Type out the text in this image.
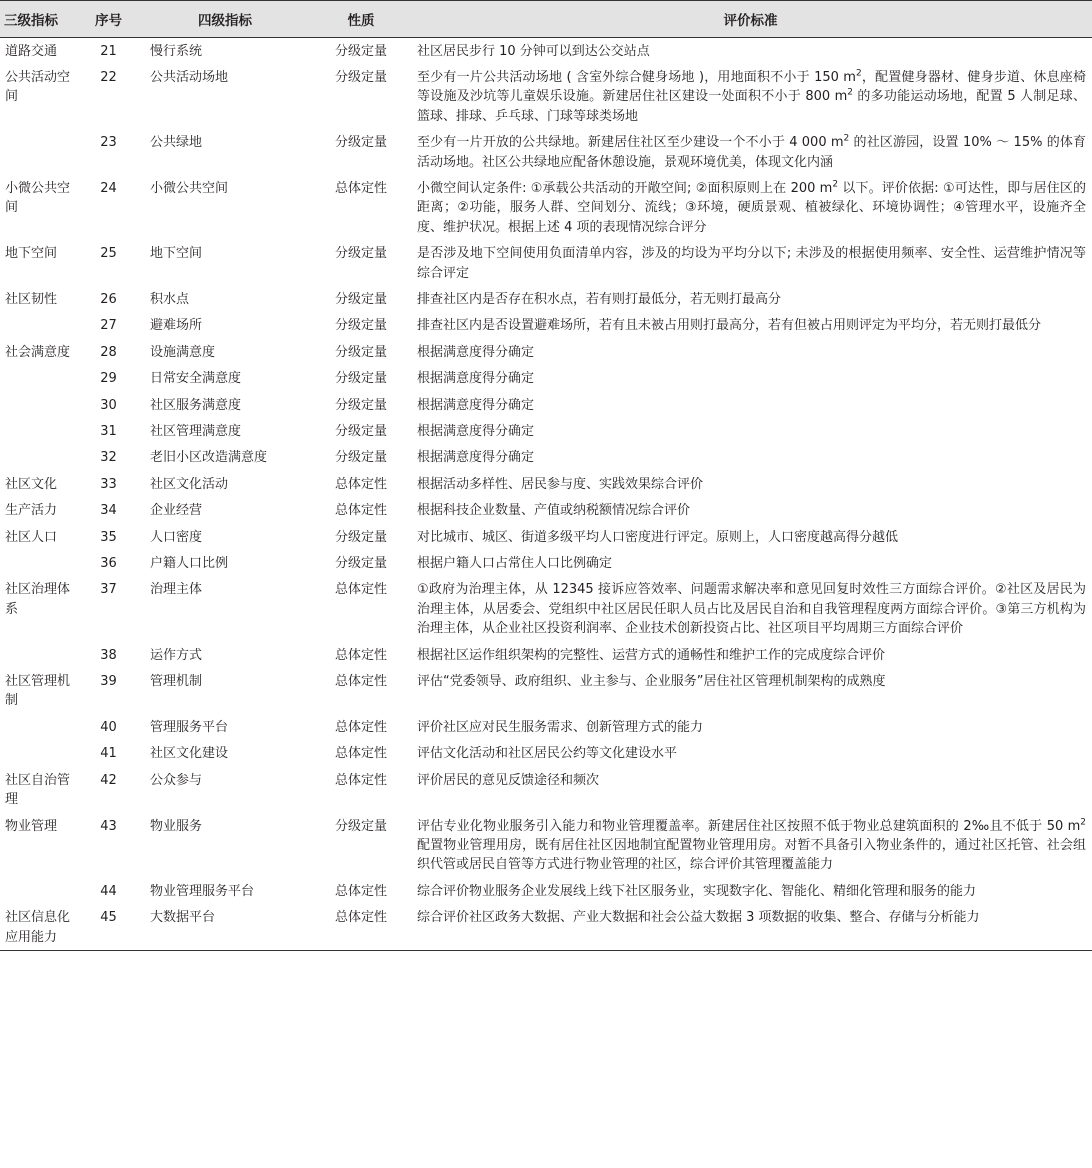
三级指标	序号	四级指标	性质	评价标准
道路交通	21	慢行系统	分级定量	社区居民步行 10 分钟可以到达公交站点
公共活动空间	22	公共活动场地	分级定量	至少有一片公共活动场地 ( 含室外综合健身场地 )，用地面积不小于 150 $m^2$，配置健身器材、健身步道、休息座椅等设施及沙坑等儿童娱乐设施。新建居住社区建设一处面积不小于 800 $m^2$ 的多功能运动场地，配置 5 人制足球、篮球、排球、乒乓球、门球等球类场地
	23	公共绿地	分级定量	至少有一片开放的公共绿地。新建居住社区至少建设一个不小于 4 000 $m^2$ 的社区游园，设置 10% ～ 15% 的体育活动场地。社区公共绿地应配备休憩设施，景观环境优美，体现文化内涵
小微公共空间	24	小微公共空间	总体定性	小微空间认定条件: ①承载公共活动的开敞空间; ②面积原则上在 200 $m^2$ 以下。评价依据: ①可达性，即与居住区的距离；②功能，服务人群、空间划分、流线；③环境，硬质景观、植被绿化、环境协调性；④管理水平，设施齐全度、维护状况。根据上述 4 项的表现情况综合评分
地下空间	25	地下空间	分级定量	是否涉及地下空间使用负面清单内容，涉及的均设为平均分以下; 未涉及的根据使用频率、安全性、运营维护情况等综合评定
社区韧性	26	积水点	分级定量	排查社区内是否存在积水点，若有则打最低分，若无则打最高分
	27	避难场所	分级定量	排查社区内是否设置避难场所，若有且未被占用则打最高分，若有但被占用则评定为平均分，若无则打最低分
社会满意度	28	设施满意度	分级定量	根据满意度得分确定
	29	日常安全满意度	分级定量	根据满意度得分确定
	30	社区服务满意度	分级定量	根据满意度得分确定
	31	社区管理满意度	分级定量	根据满意度得分确定
	32	老旧小区改造满意度	分级定量	根据满意度得分确定
社区文化	33	社区文化活动	总体定性	根据活动多样性、居民参与度、实践效果综合评价
生产活力	34	企业经营	总体定性	根据科技企业数量、产值或纳税额情况综合评价
社区人口	35	人口密度	分级定量	对比城市、城区、街道多级平均人口密度进行评定。原则上，人口密度越高得分越低
	36	户籍人口比例	分级定量	根据户籍人口占常住人口比例确定
社区治理体系	37	治理主体	总体定性	①政府为治理主体，从 12345 接诉应答效率、问题需求解决率和意见回复时效性三方面综合评价。②社区及居民为治理主体，从居委会、党组织中社区居民任职人员占比及居民自治和自我管理程度两方面综合评价。③第三方机构为治理主体，从企业社区投资利润率、企业技术创新投资占比、社区项目平均周期三方面综合评价
	38	运作方式	总体定性	根据社区运作组织架构的完整性、运营方式的通畅性和维护工作的完成度综合评价
社区管理机制	39	管理机制	总体定性	评估“党委领导、政府组织、业主参与、企业服务”居住社区管理机制架构的成熟度
	40	管理服务平台	总体定性	评价社区应对民生服务需求、创新管理方式的能力
	41	社区文化建设	总体定性	评估文化活动和社区居民公约等文化建设水平
社区自治管理	42	公众参与	总体定性	评价居民的意见反馈途径和频次
物业管理	43	物业服务	分级定量	评估专业化物业服务引入能力和物业管理覆盖率。新建居住社区按照不低于物业总建筑面积的 2‰且不低于 50 $m^2$ 配置物业管理用房，既有居住社区因地制宜配置物业管理用房。对暂不具备引入物业条件的，通过社区托管、社会组织代管或居民自管等方式进行物业管理的社区，综合评价其管理覆盖能力
	44	物业管理服务平台	总体定性	综合评价物业服务企业发展线上线下社区服务业，实现数字化、智能化、精细化管理和服务的能力
社区信息化应用能力	45	大数据平台	总体定性	综合评价社区政务大数据、产业大数据和社会公益大数据 3 项数据的收集、整合、存储与分析能力
